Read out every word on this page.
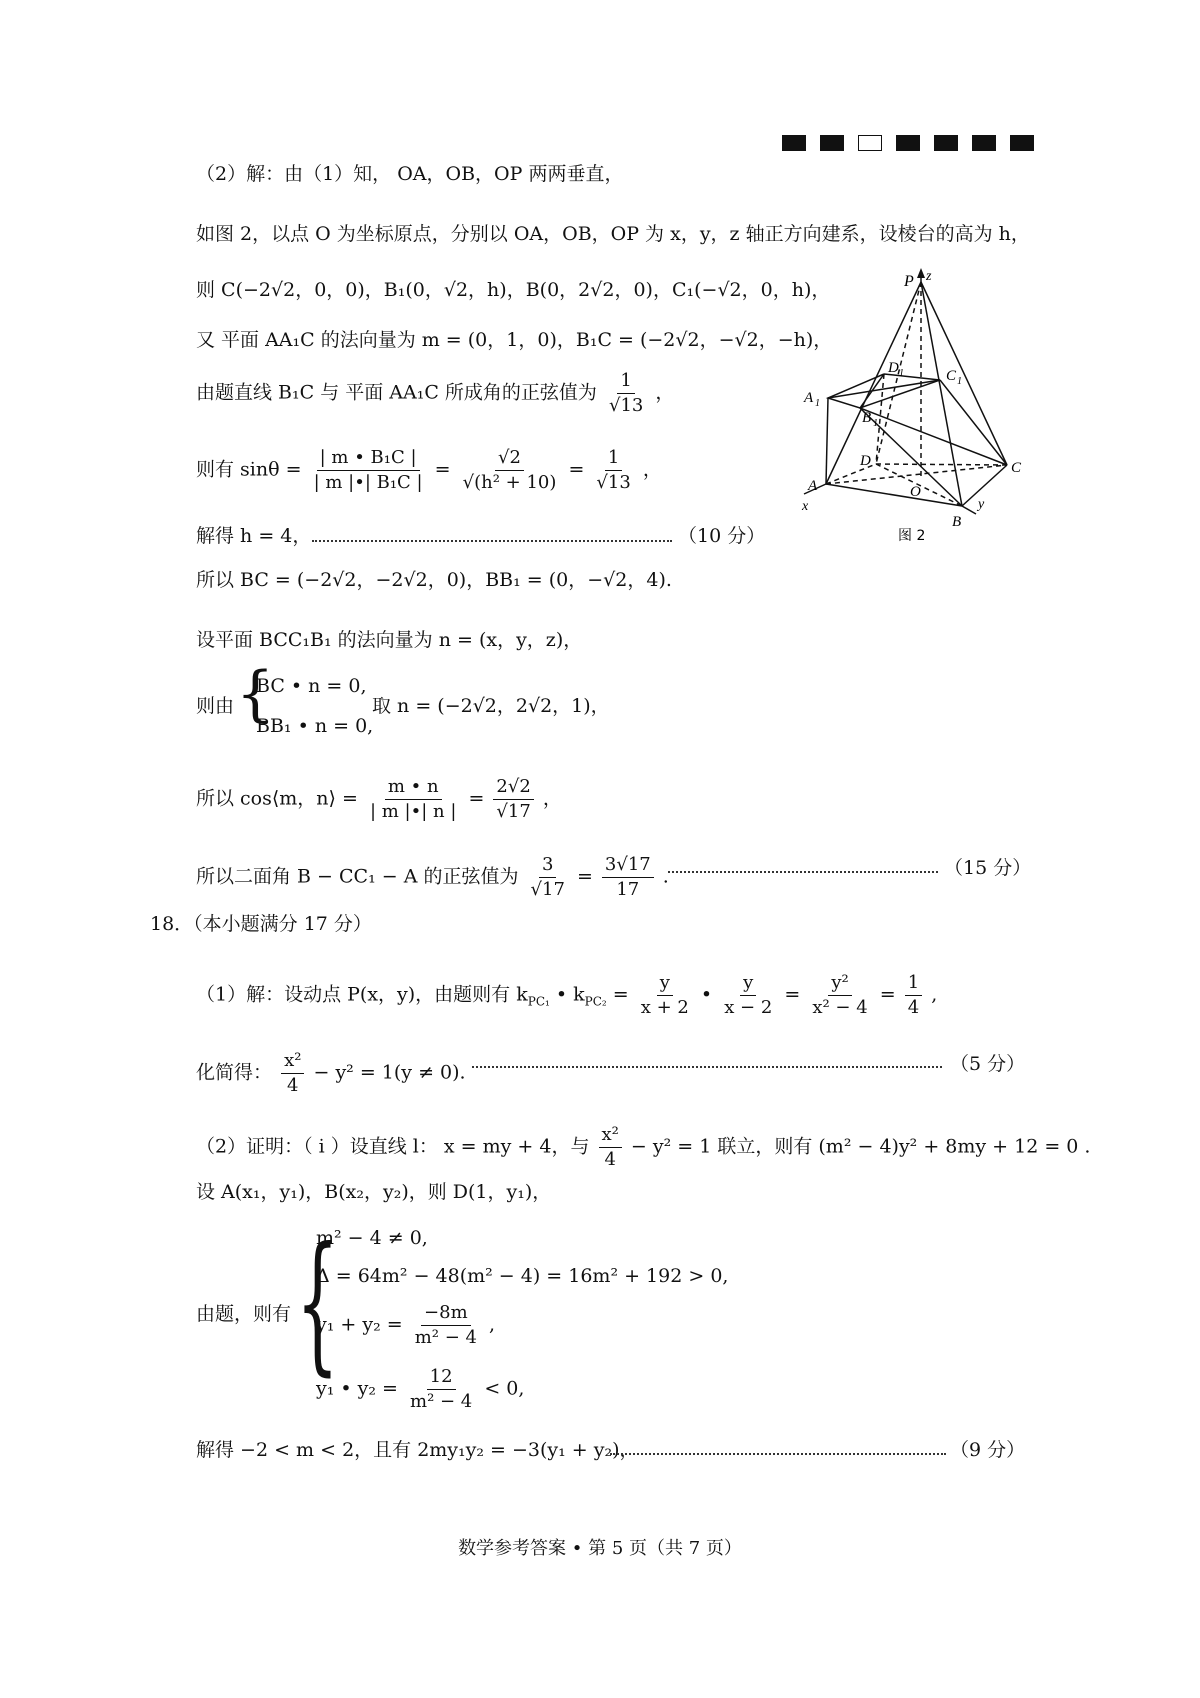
（2）解：由（1）知， OA，OB，OP 两两垂直，
如图 2，以点 O 为坐标原点，分别以 OA，OB，OP 为 x，y，z 轴正方向建系，设棱台的高为 h，
则 C(−2√2，0，0)，B₁(0，√2，h)，B(0，2√2，0)，C₁(−√2，0，h)，
又 平面 AA₁C 的法向量为 m = (0，1，0)，B₁C = (−2√2，−√2，−h)，
由题直线 B₁C 与 平面 AA₁C 所成角的正弦值为 $\frac{1}{√13}$ ，
则有 $\sin\theta = \frac{\text{| m • B₁C |}}{\text{| m |•| B₁C |}} = \frac{√2}{\text{√(h² + 10)}} = \frac{1}{√13}$ ，
解得 h = 4，	（10 分）
所以 BC = (−2√2，−2√2，0)，BB₁ = (0，−√2，4).
设平面 BCC₁B₁ 的法向量为 n = (x，y，z)，
则由 {
BC • n = 0,
BB₁ • n = 0,
取 n = (−2√2，2√2，1)，
所以 cos⟨m，n⟩ = $\frac{m • n}{| m |•| n |} = \frac{2√2}{√17}$ ，
所以二面角 B − CC₁ − A 的正弦值为 $\frac{3}{√17} = \frac{3√17}{17}$ .	（15 分）
P z
D 1	C 1
A 1
B 1
D	C
A	O
B
x	y
图 2
18．（本小题满分 17 分）
（1）解：设动点 P(x，y)，由题则有 $k_{PC_1}$ • $k_{PC_2} = \frac{y}{x + 2}$ • $\frac{y}{x - 2} = \frac{\text{y²}}{\text{x² − 4}} = \frac{1}{4}$ ,
化简得： $\frac{\text{x²}}{4} - y^2 = 1(y \ne 0)$.	（5 分）
（2）证明：（ i ）设直线 l： x = my + 4，与 $\frac{\text{x²}}{4} - y^2 = 1$ 联立，则有 (m² − 4)y² + 8my + 12 = 0 .
设 A(x₁，y₁)，B(x₂，y₂)，则 D(1，y₁)，
由题，则有 {
m² − 4 ≠ 0,
Δ = 64m² − 48(m² − 4) = 16m² + 192 > 0,
$y_1 + y_2 = \frac{-8m}{\text{m² − 4}}$ ,
y₁ • $y_2 = \frac{12}{\text{m² − 4}} < 0$,
解得 −2 < m < 2，且有 2my₁y₂ = −3(y₁ + y₂)，	（9 分）
数学参考答案 • 第 5 页（共 7 页）
